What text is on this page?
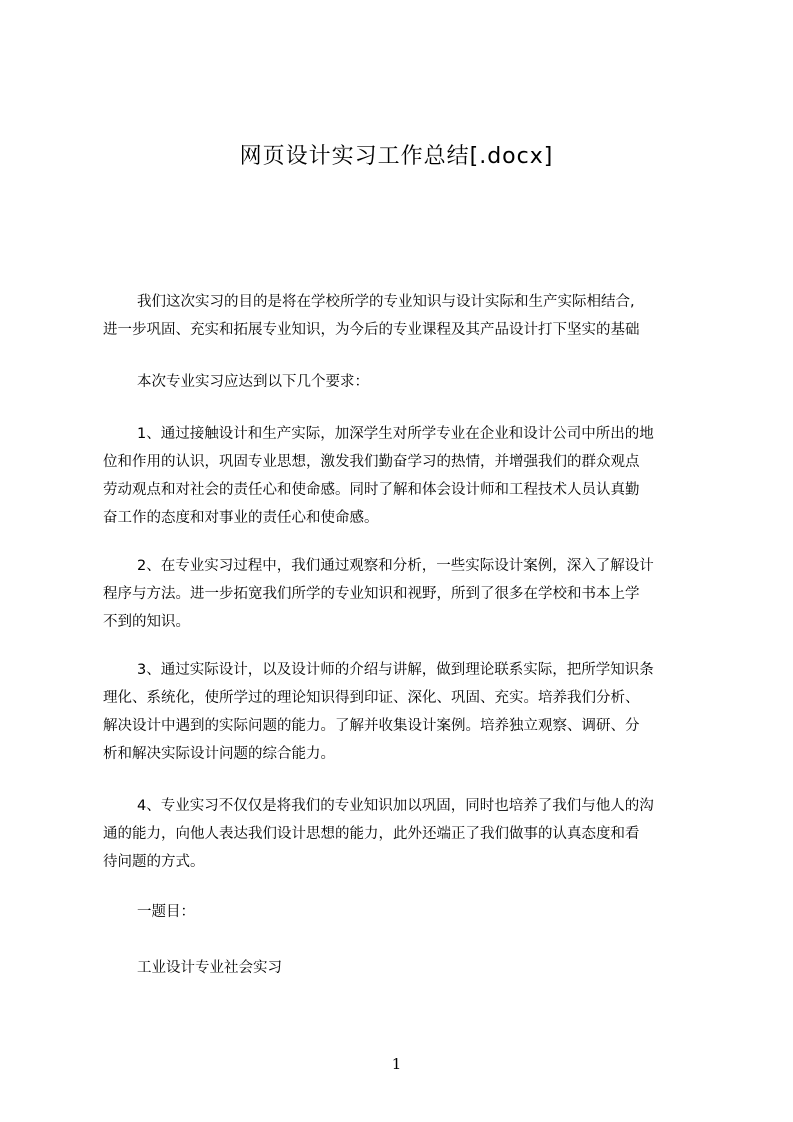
网页设计实习工作总结[.docx]
我们这次实习的目的是将在学校所学的专业知识与设计实际和生产实际相结合,
进一步巩固、充实和拓展专业知识，为今后的专业课程及其产品设计打下坚实的基础
本次专业实习应达到以下几个要求：
1、通过接触设计和生产实际，加深学生对所学专业在企业和设计公司中所出的地
位和作用的认识，巩固专业思想，激发我们勤奋学习的热情，并增强我们的群众观点
劳动观点和对社会的责任心和使命感。同时了解和体会设计师和工程技术人员认真勤
奋工作的态度和对事业的责任心和使命感。
2、在专业实习过程中，我们通过观察和分析，一些实际设计案例，深入了解设计
程序与方法。进一步拓宽我们所学的专业知识和视野，所到了很多在学校和书本上学
不到的知识。
3、通过实际设计，以及设计师的介绍与讲解，做到理论联系实际，把所学知识条
理化、系统化，使所学过的理论知识得到印证、深化、巩固、充实。培养我们分析、
解决设计中遇到的实际问题的能力。了解并收集设计案例。培养独立观察、调研、分
析和解决实际设计问题的综合能力。
4、专业实习不仅仅是将我们的专业知识加以巩固，同时也培养了我们与他人的沟
通的能力，向他人表达我们设计思想的能力，此外还端正了我们做事的认真态度和看
待问题的方式。
一题目：
工业设计专业社会实习
1
